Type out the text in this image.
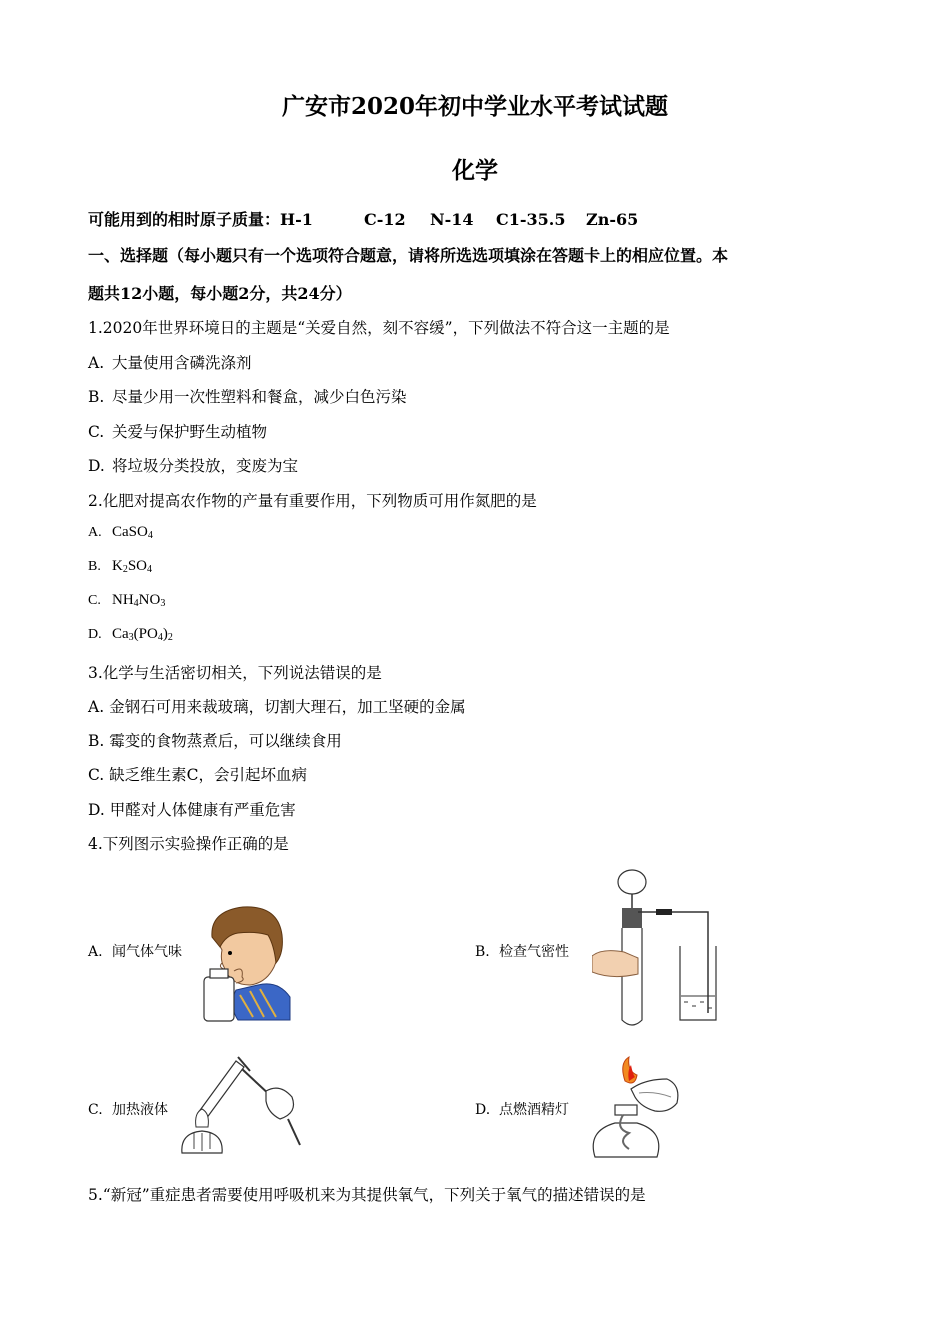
广安市2020年初中学业水平考试试题
化学
可能用到的相时原子质量：H-1	C-12 N-14 C1-35.5 Zn-65
一、选择题（每小题只有一个选项符合题意，请将所选选项填涂在答题卡上的相应位置。本
题共12小题，每小题2分，共24分）
1.2020年世界环境日的主题是“关爱自然，刻不容缓”，下列做法不符合这一主题的是
A. 大量使用含磷洗涤剂
B. 尽量少用一次性塑料和餐盒，减少白色污染
C. 关爱与保护野生动植物
D. 将垃圾分类投放，变废为宝
2.化肥对提高农作物的产量有重要作用，下列物质可用作氮肥的是
A. CaSO$_4$
B. $K_2SO_4$
C. $NH_4NO_3$
D. $Ca_3(PO_4)_2$
3.化学与生活密切相关，下列说法错误的是
A. 金钢石可用来裁玻璃，切割大理石，加工坚硬的金属
B. 霉变的食物蒸煮后，可以继续食用
C. 缺乏维生素C，会引起坏血病
D. 甲醛对人体健康有严重危害
4.下列图示实验操作正确的是
A. 闻气体气味	B. 检查气密性
C. 加热液体	D. 点燃酒精灯
5.“新冠”重症患者需要使用呼吸机来为其提供氧气，下列关于氧气的描述错误的是
